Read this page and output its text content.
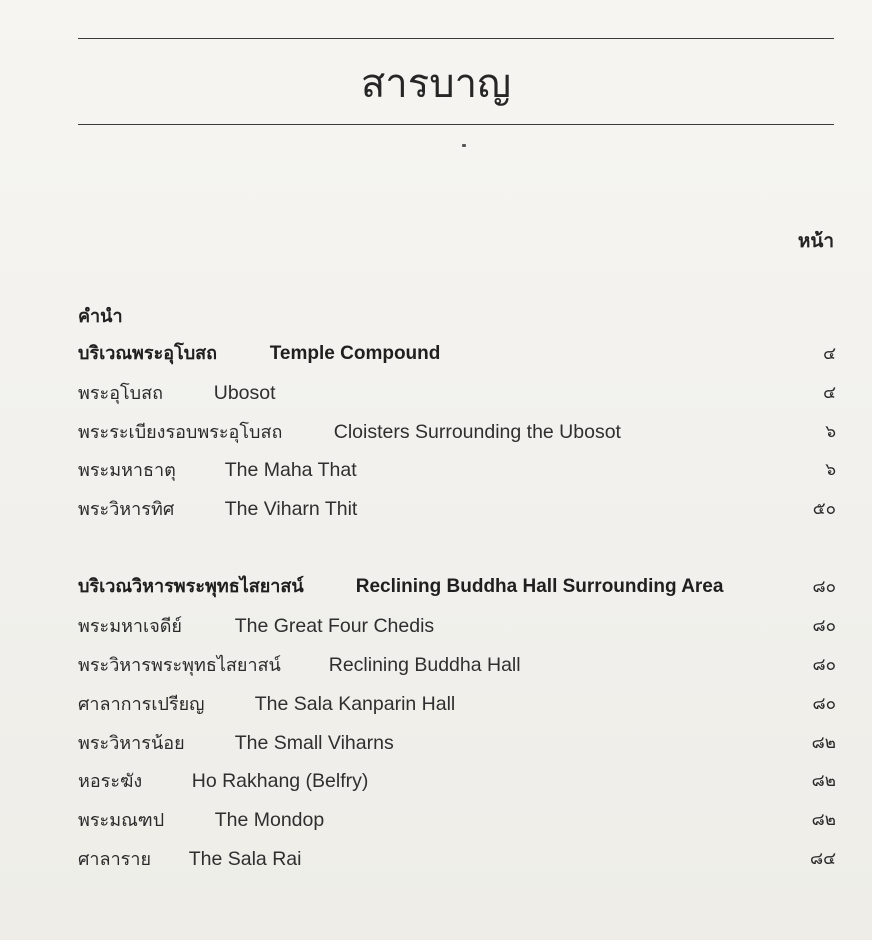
สารบาญ
หน้า
คำนำ
บริเวณพระอุโบสถ	Temple Compound	๔
พระอุโบสถ	Ubosot	๔
พระระเบียงรอบพระอุโบสถ	Cloisters Surrounding the Ubosot	๖
พระมหาธาตุ	The Maha That	๖
พระวิหารทิศ	The Viharn Thit	๕๐
บริเวณวิหารพระพุทธไสยาสน์	Reclining Buddha Hall Surrounding Area	๘๐
พระมหาเจดีย์	The Great Four Chedis	๘๐
พระวิหารพระพุทธไสยาสน์ Reclining Buddha Hall	๘๐
ศาลาการเปรียญ	The Sala Kanparin Hall	๘๐
พระวิหารน้อย	The Small Viharns	๘๒
หอระฆัง	Ho Rakhang (Belfry)	๘๒
พระมณฑป	The Mondop	๘๒
ศาลาราย The Sala Rai	๘๔
